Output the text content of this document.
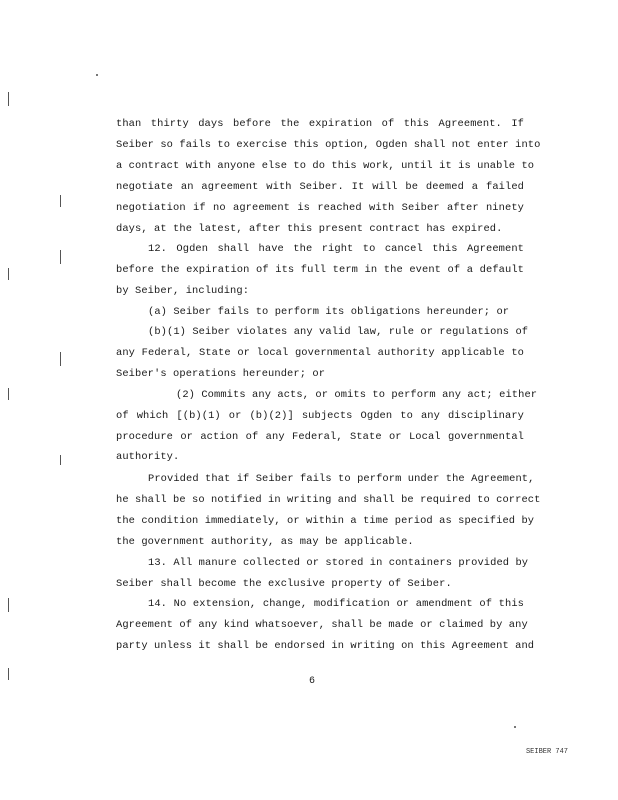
than thirty days before the expiration of this Agreement. If
Seiber so fails to exercise this option, Ogden shall not enter into
a contract with anyone else to do this work, until it is unable to
negotiate an agreement with Seiber. It will be deemed a failed
negotiation if no agreement is reached with Seiber after ninety
days, at the latest, after this present contract has expired.
12. Ogden shall have the right to cancel this Agreement
before the expiration of its full term in the event of a default
by Seiber, including:
(a) Seiber fails to perform its obligations hereunder; or
(b)(1) Seiber violates any valid law, rule or regulations of
any Federal, State or local governmental authority applicable to
Seiber's operations hereunder; or
(2) Commits any acts, or omits to perform any act; either
of which [(b)(1) or (b)(2)] subjects Ogden to any disciplinary
procedure or action of any Federal, State or Local governmental
authority.
Provided that if Seiber fails to perform under the Agreement,
he shall be so notified in writing and shall be required to correct
the condition immediately, or within a time period as specified by
the government authority, as may be applicable.
13. All manure collected or stored in containers provided by
Seiber shall become the exclusive property of Seiber.
14. No extension, change, modification or amendment of this
Agreement of any kind whatsoever, shall be made or claimed by any
party unless it shall be endorsed in writing on this Agreement and
6
SEIBER 747
